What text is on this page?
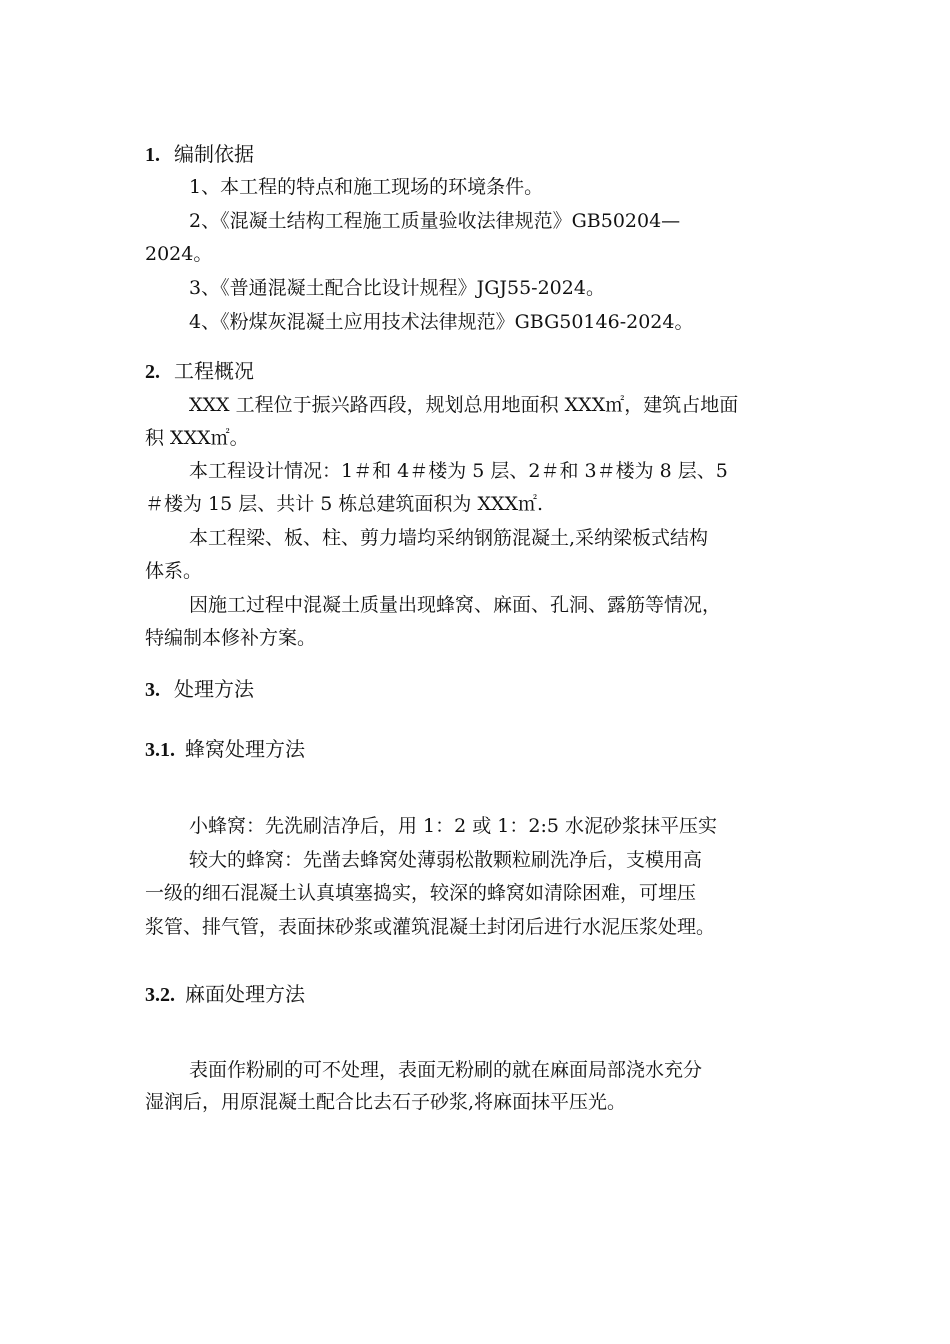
1. 编制依据
1、本工程的特点和施工现场的环境条件。
2、《混凝土结构工程施工质量验收法律规范》GB50204—
2024。
3、《普通混凝土配合比设计规程》JGJ55-2024。
4、《粉煤灰混凝土应用技术法律规范》GBG50146-2024。
2. 工程概况
XXX 工程位于振兴路西段，规划总用地面积 XXX㎡，建筑占地面
积 XXX㎡。
本工程设计情况：1＃和 4＃楼为 5 层、2＃和 3＃楼为 8 层、5
＃楼为 15 层、共计 5 栋总建筑面积为 XXX㎡.
本工程梁、板、柱、剪力墙均采纳钢筋混凝土,采纳梁板式结构
体系。
因施工过程中混凝土质量出现蜂窝、麻面、孔洞、露筋等情况，
特编制本修补方案。
3. 处理方法
3.1. 蜂窝处理方法
小蜂窝：先洗刷洁净后，用 1：2 或 1：2:5 水泥砂浆抹平压实
较大的蜂窝：先凿去蜂窝处薄弱松散颗粒刷洗净后，支模用高
一级的细石混凝土认真填塞捣实，较深的蜂窝如清除困难，可埋压
浆管、排气管，表面抹砂浆或灌筑混凝土封闭后进行水泥压浆处理。
3.2. 麻面处理方法
表面作粉刷的可不处理，表面无粉刷的就在麻面局部浇水充分
湿润后，用原混凝土配合比去石子砂浆,将麻面抹平压光。
